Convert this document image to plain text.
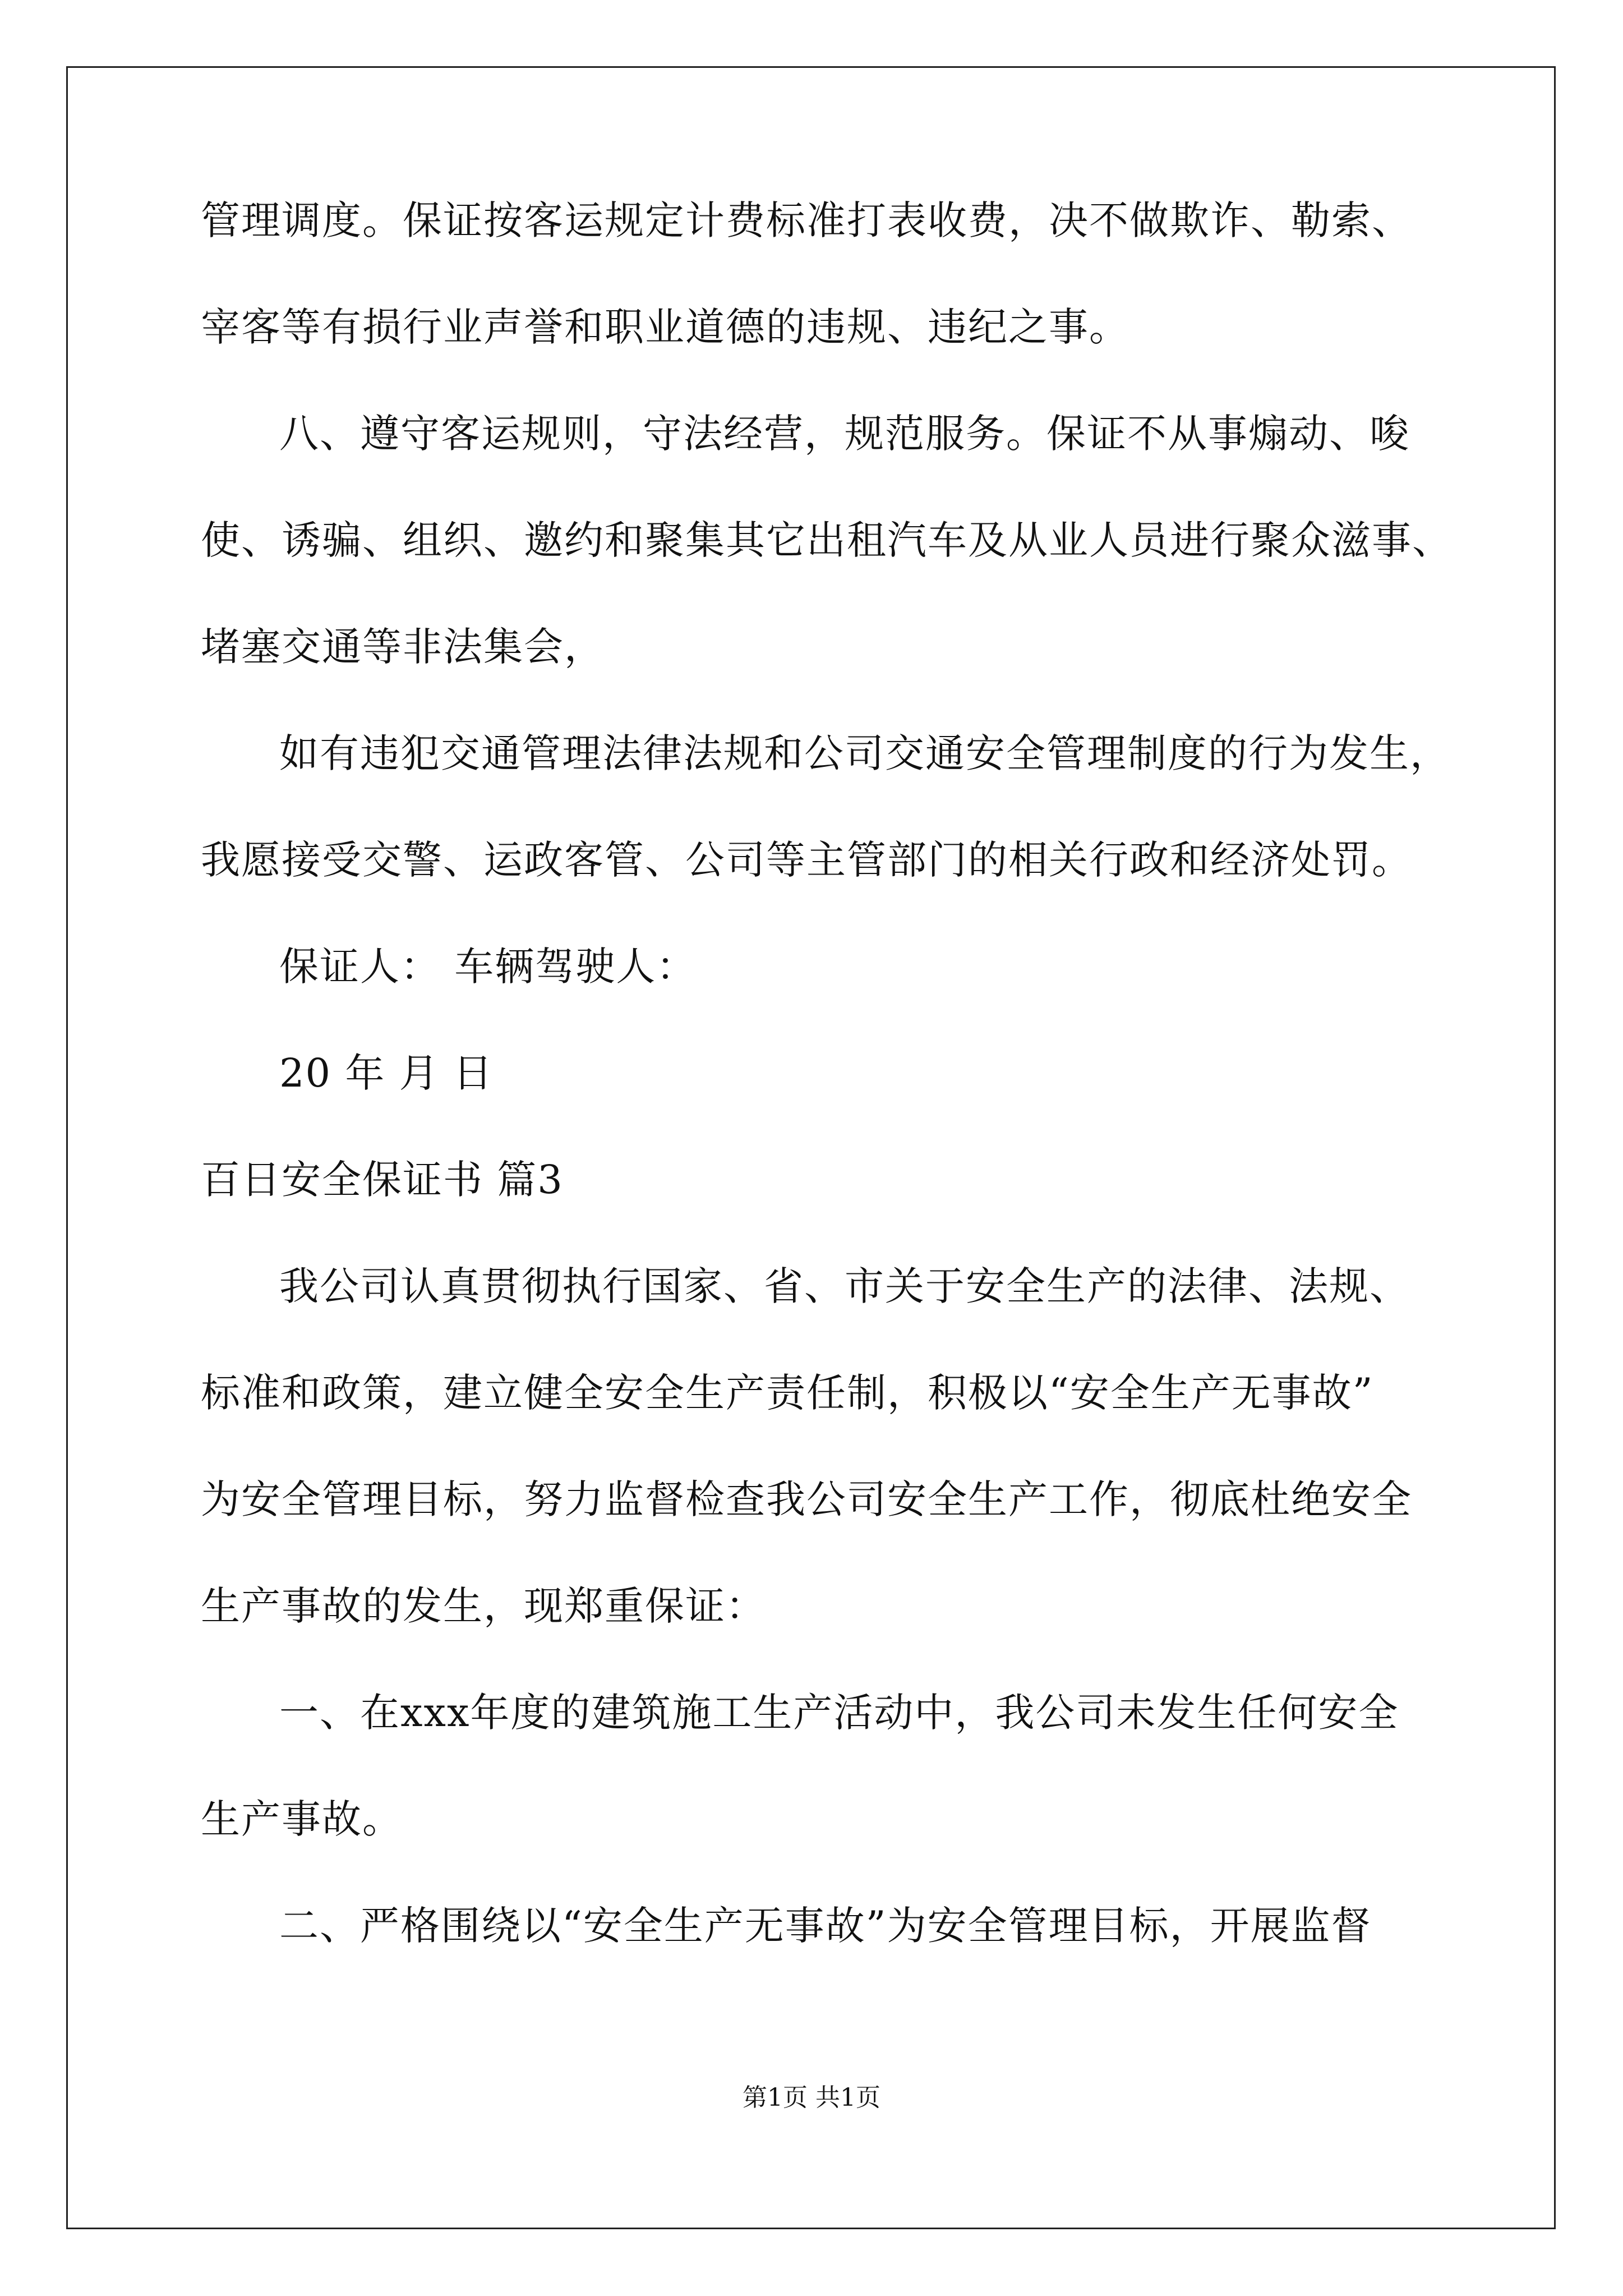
管理调度。保证按客运规定计费标准打表收费，决不做欺诈、勒索、
宰客等有损行业声誉和职业道德的违规、违纪之事。
八、遵守客运规则，守法经营，规范服务。保证不从事煽动、唆
使、诱骗、组织、邀约和聚集其它出租汽车及从业人员进行聚众滋事、
堵塞交通等非法集会，
如有违犯交通管理法律法规和公司交通安全管理制度的行为发生，
我愿接受交警、运政客管、公司等主管部门的相关行政和经济处罚。
保证人： 车辆驾驶人：
20 年 月 日
百日安全保证书 篇3
我公司认真贯彻执行国家、省、市关于安全生产的法律、法规、
标准和政策，建立健全安全生产责任制，积极以“安全生产无事故”
为安全管理目标，努力监督检查我公司安全生产工作，彻底杜绝安全
生产事故的发生，现郑重保证：
一、在xxx年度的建筑施工生产活动中，我公司未发生任何安全
生产事故。
二、严格围绕以“安全生产无事故”为安全管理目标，开展监督
第1页 共1页
